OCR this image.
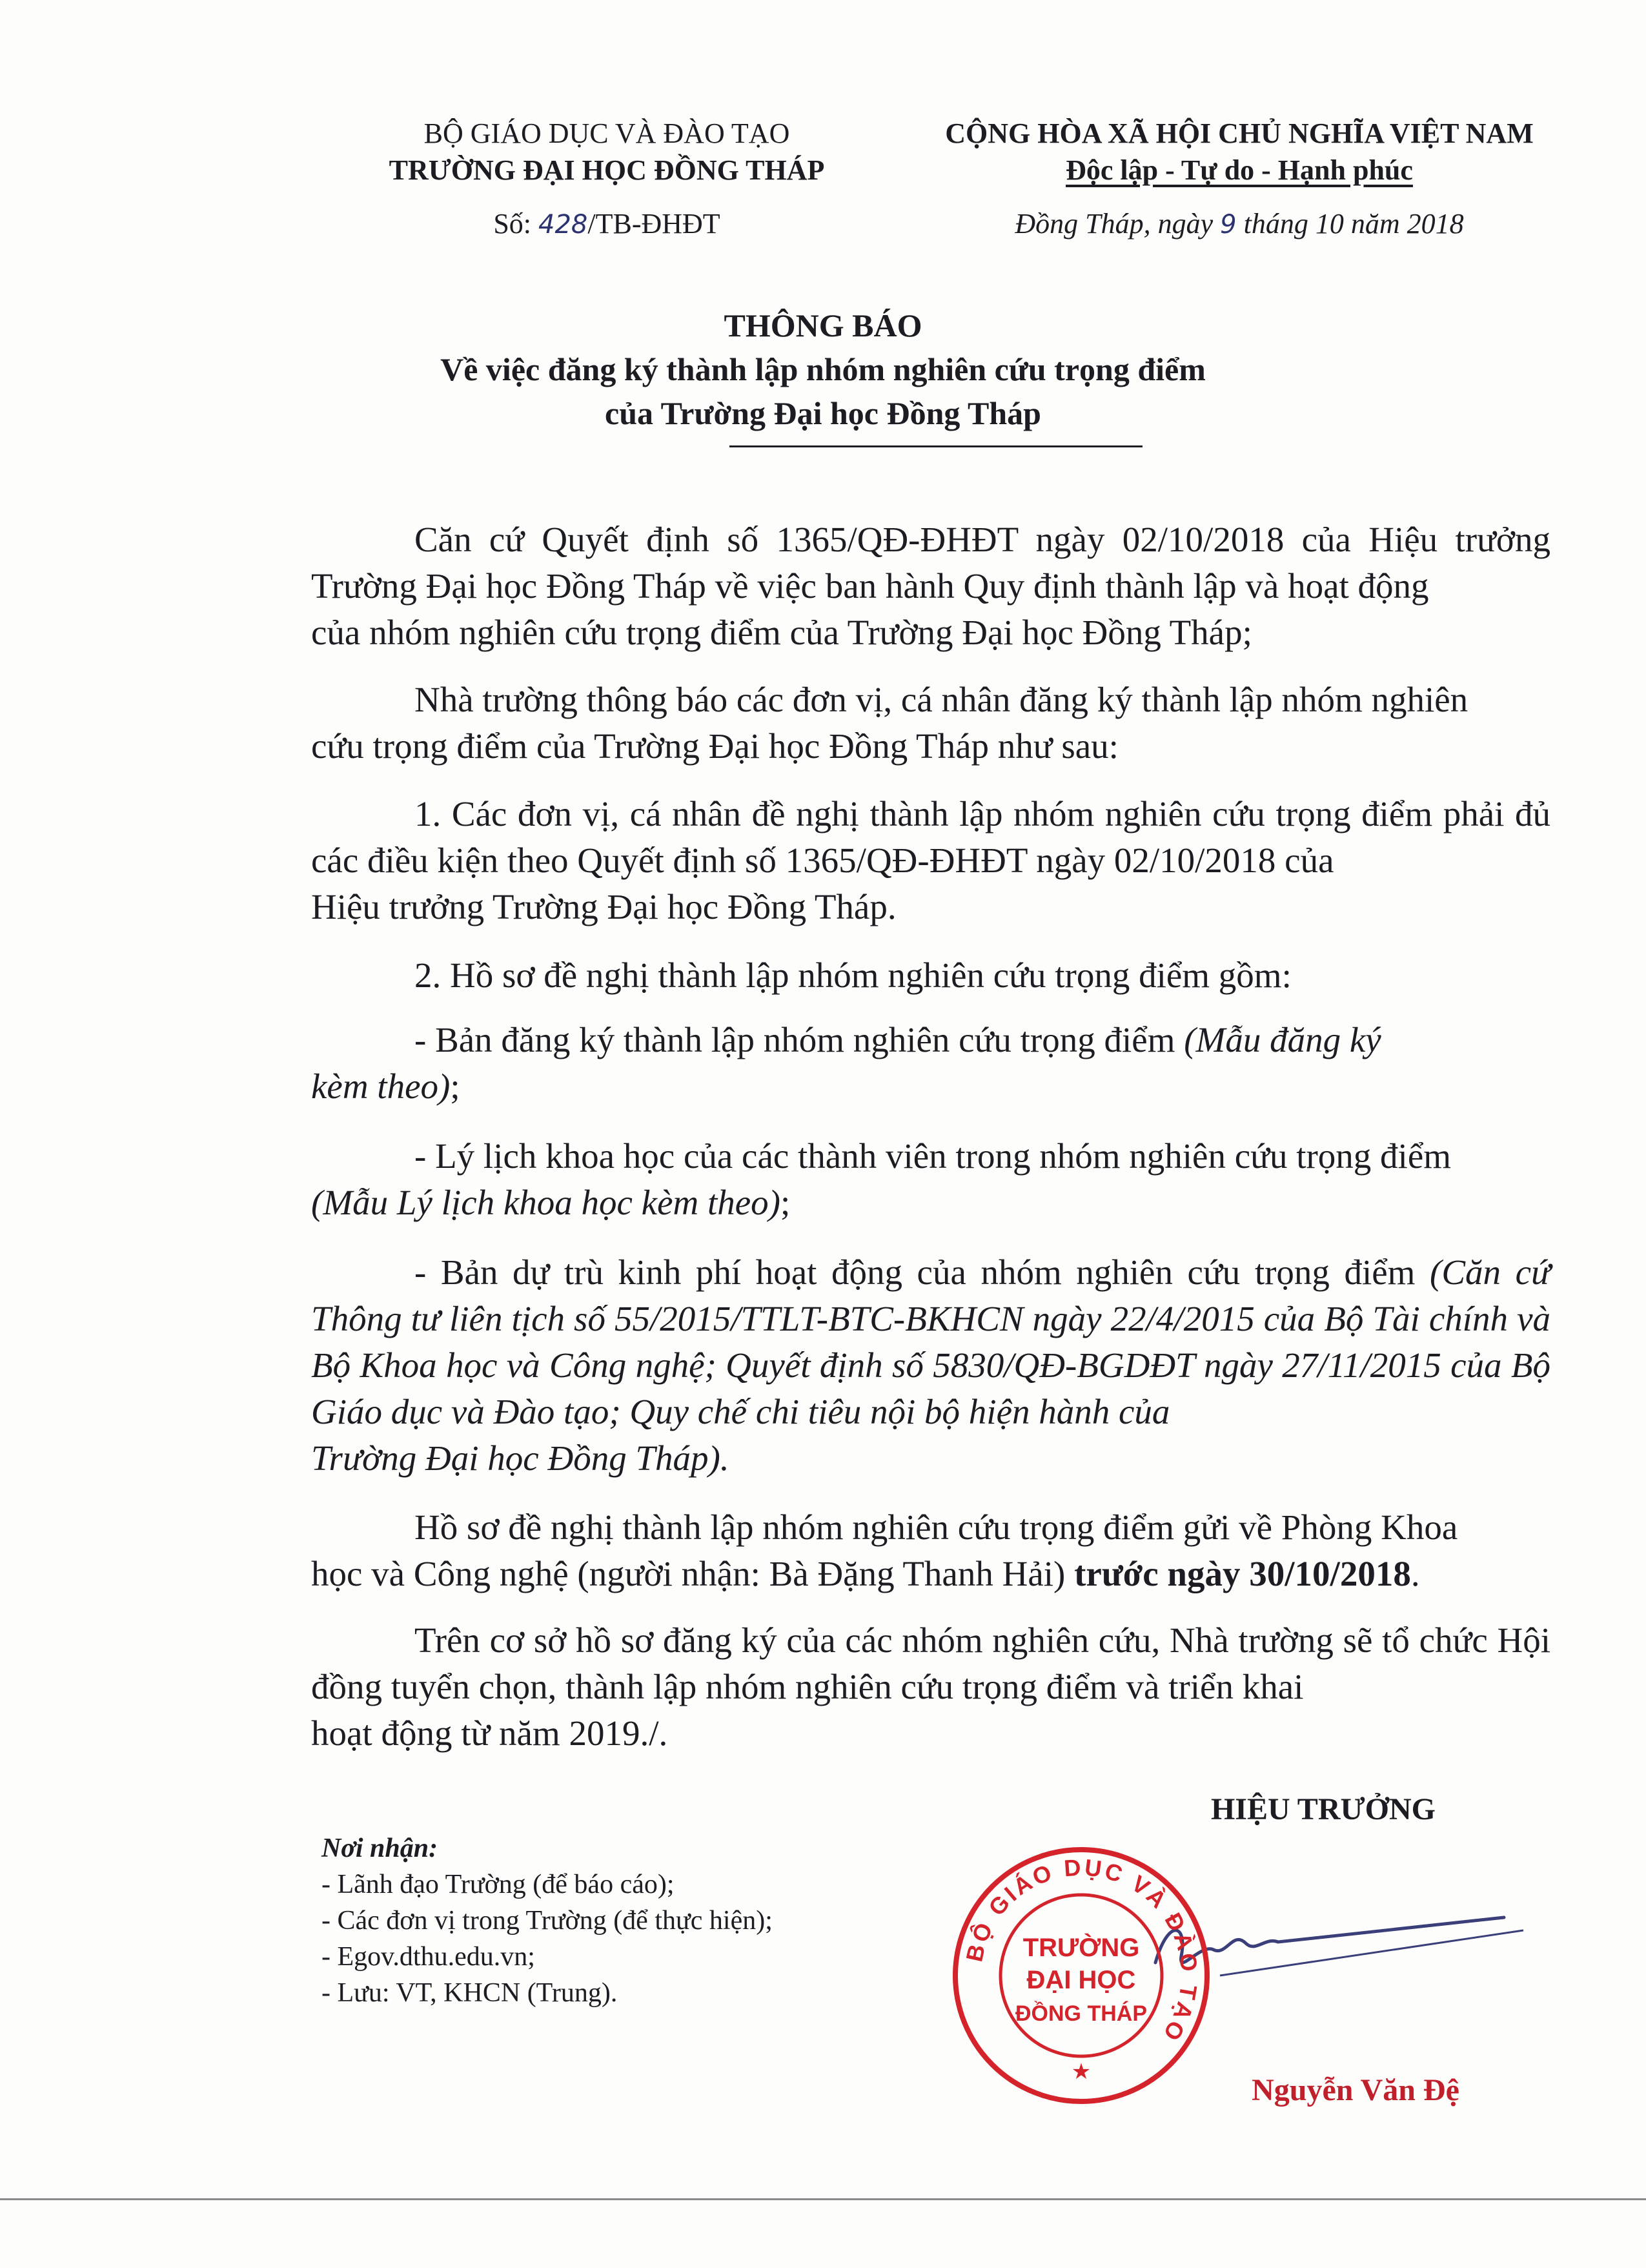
BỘ GIÁO DỤC VÀ ĐÀO TẠO
TRƯỜNG ĐẠI HỌC ĐỒNG THÁP
Số: 428/TB-ĐHĐT
CỘNG HÒA XÃ HỘI CHỦ NGHĨA VIỆT NAM
Độc lập - Tự do - Hạnh phúc
Đồng Tháp, ngày 9 tháng 10 năm 2018
THÔNG BÁO
Về việc đăng ký thành lập nhóm nghiên cứu trọng điểm
của Trường Đại học Đồng Tháp
Căn cứ Quyết định số 1365/QĐ-ĐHĐT ngày 02/10/2018 của Hiệu trưởng Trường Đại học Đồng Tháp về việc ban hành Quy định thành lập và hoạt động
của nhóm nghiên cứu trọng điểm của Trường Đại học Đồng Tháp;
Nhà trường thông báo các đơn vị, cá nhân đăng ký thành lập nhóm nghiên
cứu trọng điểm của Trường Đại học Đồng Tháp như sau:
1. Các đơn vị, cá nhân đề nghị thành lập nhóm nghiên cứu trọng điểm phải đủ các điều kiện theo Quyết định số 1365/QĐ-ĐHĐT ngày 02/10/2018 của
Hiệu trưởng Trường Đại học Đồng Tháp.
2. Hồ sơ đề nghị thành lập nhóm nghiên cứu trọng điểm gồm:
- Bản đăng ký thành lập nhóm nghiên cứu trọng điểm (Mẫu đăng ký
kèm theo);
- Lý lịch khoa học của các thành viên trong nhóm nghiên cứu trọng điểm
(Mẫu Lý lịch khoa học kèm theo);
- Bản dự trù kinh phí hoạt động của nhóm nghiên cứu trọng điểm (Căn cứ Thông tư liên tịch số 55/2015/TTLT-BTC-BKHCN ngày 22/4/2015 của Bộ Tài chính và Bộ Khoa học và Công nghệ; Quyết định số 5830/QĐ-BGDĐT ngày 27/11/2015 của Bộ Giáo dục và Đào tạo; Quy chế chi tiêu nội bộ hiện hành của
Trường Đại học Đồng Tháp).
Hồ sơ đề nghị thành lập nhóm nghiên cứu trọng điểm gửi về Phòng Khoa
học và Công nghệ (người nhận: Bà Đặng Thanh Hải) trước ngày 30/10/2018.
Trên cơ sở hồ sơ đăng ký của các nhóm nghiên cứu, Nhà trường sẽ tổ chức Hội đồng tuyển chọn, thành lập nhóm nghiên cứu trọng điểm và triển khai
hoạt động từ năm 2019./.
Nơi nhận:
- Lãnh đạo Trường (để báo cáo);
- Các đơn vị trong Trường (để thực hiện);
- Egov.dthu.edu.vn;
- Lưu: VT, KHCN (Trung).
HIỆU TRƯỞNG
BỘ GIÁO DỤC VÀ ĐÀO TẠO
TRƯỜNG
ĐẠI HỌC
ĐỒNG THÁP
★
Nguyễn Văn Đệ
